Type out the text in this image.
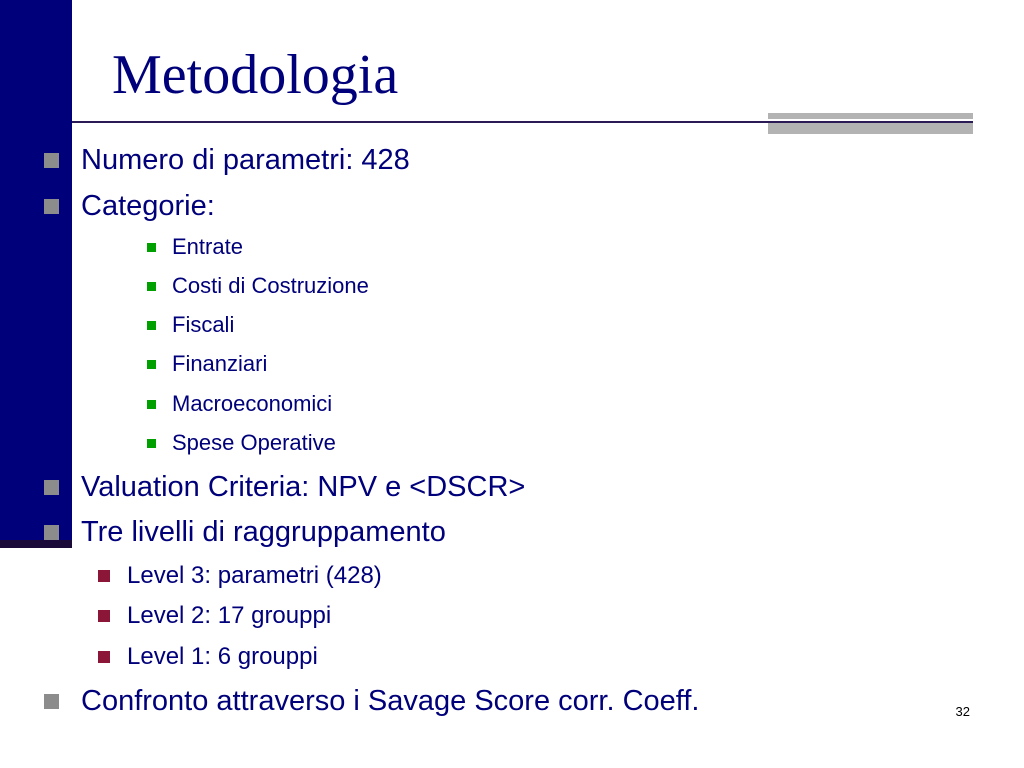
Metodologia
Numero di parametri: 428
Categorie:
Entrate
Costi di Costruzione
Fiscali
Finanziari
Macroeconomici
Spese Operative
Valuation Criteria: NPV e <DSCR>
Tre livelli di raggruppamento
Level 3: parametri (428)
Level 2: 17 grouppi
Level 1: 6 grouppi
Confronto attraverso i Savage Score corr. Coeff.	32
